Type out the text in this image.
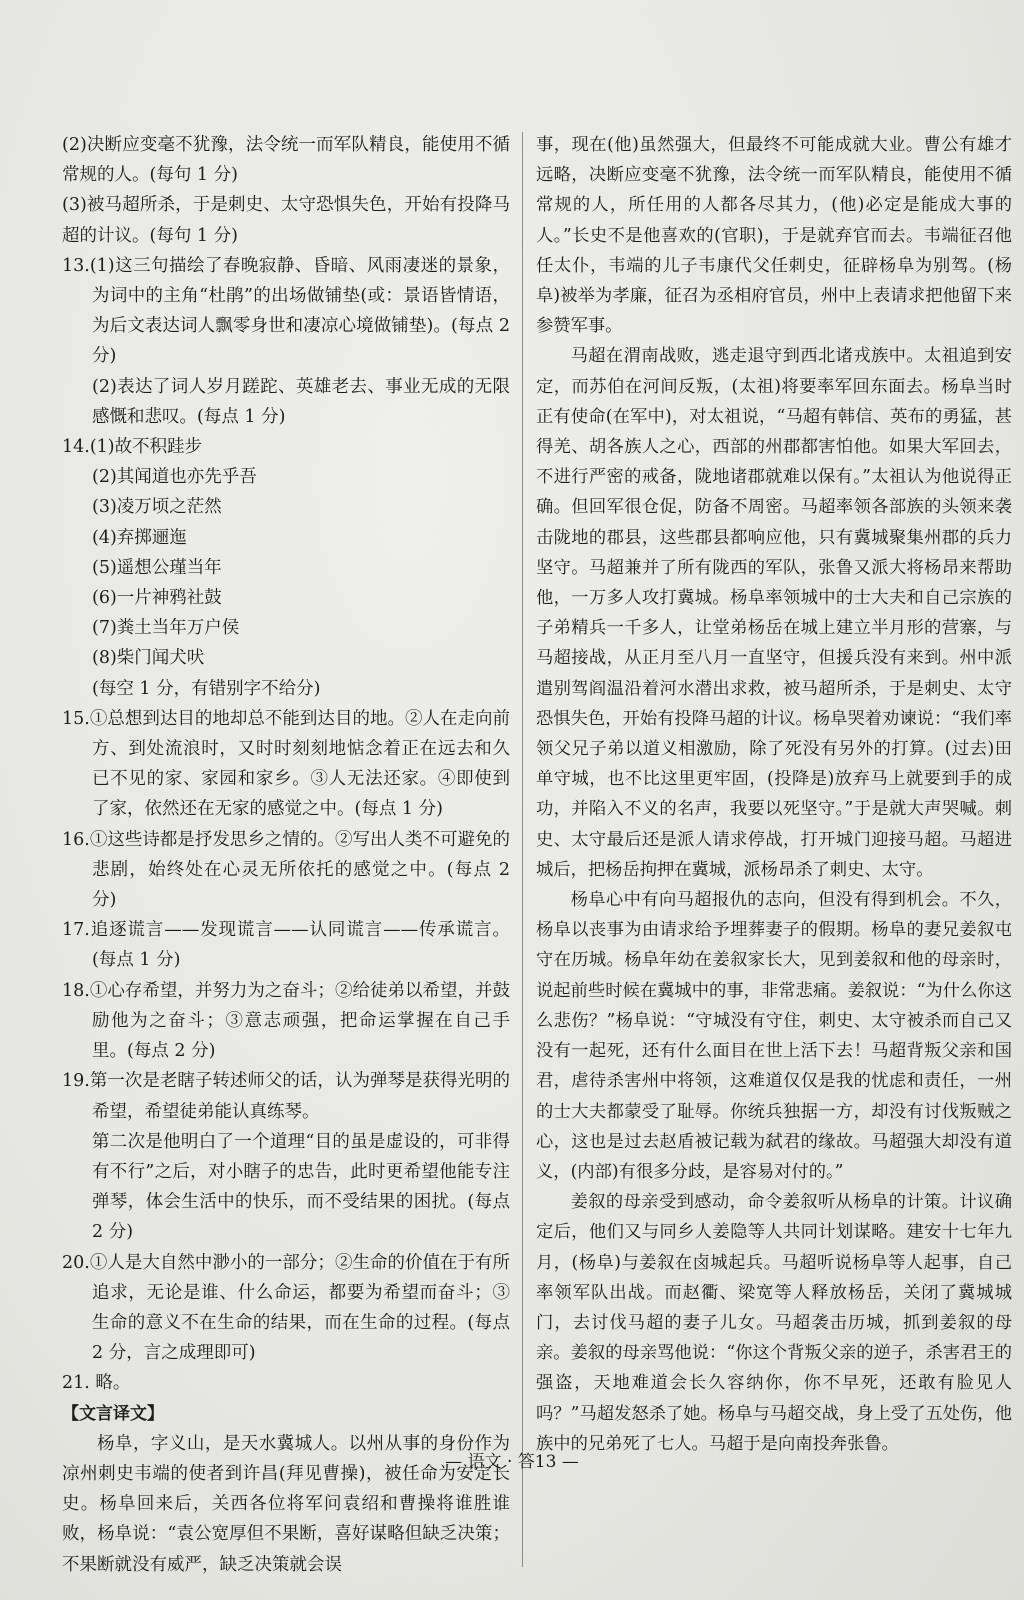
(2)决断应变毫不犹豫，法令统一而军队精良，能使用不循常规的人。(每句 1 分)

(3)被马超所杀，于是刺史、太守恐惧失色，开始有投降马超的计议。(每句 1 分)

13.(1)这三句描绘了春晚寂静、昏暗、风雨凄迷的景象，为词中的主角“杜鹃”的出场做铺垫(或：景语皆情语，为后文表达词人飘零身世和凄凉心境做铺垫)。(每点 2 分)

(2)表达了词人岁月蹉跎、英雄老去、事业无成的无限感慨和悲叹。(每点 1 分)

14.(1)故不积跬步

(2)其闻道也亦先乎吾

(3)凌万顷之茫然

(4)弃掷逦迤

(5)遥想公瑾当年

(6)一片神鸦社鼓

(7)粪土当年万户侯

(8)柴门闻犬吠

(每空 1 分，有错别字不给分)

15.①总想到达目的地却总不能到达目的地。②人在走向前方、到处流浪时，又时时刻刻地惦念着正在远去和久已不见的家、家园和家乡。③人无法还家。④即使到了家，依然还在无家的感觉之中。(每点 1 分)
16.①这些诗都是抒发思乡之情的。②写出人类不可避免的悲剧，始终处在心灵无所依托的感觉之中。(每点 2 分)
17.追逐谎言——发现谎言——认同谎言——传承谎言。(每点 1 分)
18.①心存希望，并努力为之奋斗；②给徒弟以希望，并鼓励他为之奋斗；③意志顽强，把命运掌握在自己手里。(每点 2 分)
19.第一次是老瞎子转述师父的话，认为弹琴是获得光明的希望，希望徒弟能认真练琴。

第二次是他明白了一个道理“目的虽是虚设的，可非得有不行”之后，对小瞎子的忠告，此时更希望他能专注弹琴，体会生活中的快乐，而不受结果的困扰。(每点 2 分)

20.①人是大自然中渺小的一部分；②生命的价值在于有所追求，无论是谁、什么命运，都要为希望而奋斗；③生命的意义不在生命的结果，而在生命的过程。(每点 2 分，言之成理即可)

21. 略。

【文言译文】

杨阜，字义山，是天水冀城人。以州从事的身份作为凉州刺史韦端的使者到许昌(拜见曹操)，被任命为安定长史。杨阜回来后，关西各位将军问袁绍和曹操将谁胜谁败，杨阜说：“袁公宽厚但不果断，喜好谋略但缺乏决策；不果断就没有威严，缺乏决策就会误

事，现在(他)虽然强大，但最终不可能成就大业。曹公有雄才远略，决断应变毫不犹豫，法令统一而军队精良，能使用不循常规的人，所任用的人都各尽其力，(他)必定是能成大事的人。”长史不是他喜欢的(官职)，于是就弃官而去。韦端征召他任太仆，韦端的儿子韦康代父任刺史，征辟杨阜为别驾。(杨阜)被举为孝廉，征召为丞相府官员，州中上表请求把他留下来参赞军事。

马超在渭南战败，逃走退守到西北诸戎族中。太祖追到安定，而苏伯在河间反叛，(太祖)将要率军回东面去。杨阜当时正有使命(在军中)，对太祖说，“马超有韩信、英布的勇猛，甚得羌、胡各族人之心，西部的州郡都害怕他。如果大军回去，不进行严密的戒备，陇地诸郡就难以保有。”太祖认为他说得正确。但回军很仓促，防备不周密。马超率领各部族的头领来袭击陇地的郡县，这些郡县都响应他，只有冀城聚集州郡的兵力坚守。马超兼并了所有陇西的军队，张鲁又派大将杨昂来帮助他，一万多人攻打冀城。杨阜率领城中的士大夫和自己宗族的子弟精兵一千多人，让堂弟杨岳在城上建立半月形的营寨，与马超接战，从正月至八月一直坚守，但援兵没有来到。州中派遣别驾阎温沿着河水潜出求救，被马超所杀，于是刺史、太守恐惧失色，开始有投降马超的计议。杨阜哭着劝谏说：“我们率领父兄子弟以道义相激励，除了死没有另外的打算。(过去)田单守城，也不比这里更牢固，(投降是)放弃马上就要到手的成功，并陷入不义的名声，我要以死坚守。”于是就大声哭喊。刺史、太守最后还是派人请求停战，打开城门迎接马超。马超进城后，把杨岳拘押在冀城，派杨昂杀了刺史、太守。

杨阜心中有向马超报仇的志向，但没有得到机会。不久，杨阜以丧事为由请求给予埋葬妻子的假期。杨阜的妻兄姜叙屯守在历城。杨阜年幼在姜叙家长大，见到姜叙和他的母亲时，说起前些时候在冀城中的事，非常悲痛。姜叙说：“为什么你这么悲伤？”杨阜说：“守城没有守住，刺史、太守被杀而自己又没有一起死，还有什么面目在世上活下去！马超背叛父亲和国君，虐待杀害州中将领，这难道仅仅是我的忧虑和责任，一州的士大夫都蒙受了耻辱。你统兵独据一方，却没有讨伐叛贼之心，这也是过去赵盾被记载为弑君的缘故。马超强大却没有道义，(内部)有很多分歧，是容易对付的。”

姜叙的母亲受到感动，命令姜叙听从杨阜的计策。计议确定后，他们又与同乡人姜隐等人共同计划谋略。建安十七年九月，(杨阜)与姜叙在卤城起兵。马超听说杨阜等人起事，自己率领军队出战。而赵衢、梁宽等人释放杨岳，关闭了冀城城门，去讨伐马超的妻子儿女。马超袭击历城，抓到姜叙的母亲。姜叙的母亲骂他说：“你这个背叛父亲的逆子，杀害君王的强盗，天地难道会长久容纳你，你不早死，还敢有脸见人吗？”马超发怒杀了她。杨阜与马超交战，身上受了五处伤，他族中的兄弟死了七人。马超于是向南投奔张鲁。

— 语文 · 答13 —
